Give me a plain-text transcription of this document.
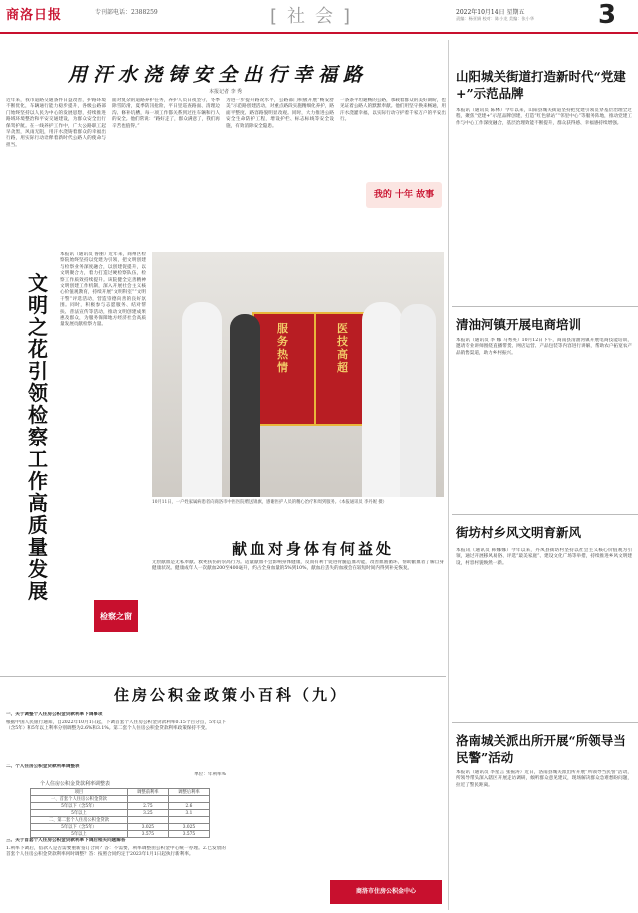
商洛日报	专刊部电话：2388259	[社会]	2022年10月14日 星期五
责编：杨亚娟 校对：陈小龙 美编：张小华 3
用汗水浇铸安全出行幸福路
本报记者 李 秀
近年来，我市道路交通条件日益改善，护路环境不断优化，车辆通行能力稳步提升，各级公路部门始终坚持以人民为中心的发展思想，持续推进路域环境整治和平安交通建设，为群众安全出行保驾护航。在一线养护工作中，广大公路职工起早贪黑，风雨无阻，用汗水浇铸着群众的幸福出行路，用实际行动诠释着新时代公路人的使命与担当。
面对复杂的道路养护任务，养护人员日夜坚守，冬季除雪防滑，夏季防汛抢险，平日里巡查路面、清理边沟、修补坑槽，每一项工作都关系到过往车辆和行人的安全。他们常说：“路好走了，群众满意了，我们再辛苦也值得。”
为进一步提升路况水平，公路部门积极开展“畅安舒美”示范路创建活动，对重点路段实施精细化养护，路面平整度、路容路貌明显改观。同时，大力推进公路安全生命防护工程，增设护栏、标志标线等安全设施，有效消除安全隐患。
一条条平坦通畅的公路，承载着群众的美好期盼，也见证着公路人的默默奉献。他们用坚守换来畅通，用汗水浇灌幸福，以实际行动守护着千家万户的平安出行。
我的 十年 故事
文明之花引领检察工作高质量发展
本报讯（通讯员 鲁丽）近年来，商州区检察院始终坚持以党建为引领，把文明创建与检察业务深度融合，以创建促提升，以文明聚合力，着力打造过硬检察队伍，检察工作质效持续提升。该院健全完善精神文明创建工作机制，深入开展社会主义核心价值观教育，持续开展“文明科室”“文明干警”评选活动，营造崇德向善的良好氛围。同时，积极参与志愿服务、结对帮扶、普法宣传等活动，推动文明创建成果惠及群众，为服务保障地方经济社会高质量发展贡献检察力量。
检察之窗
医技高超
服务热情
10月11日，一户姓家属病患者向商洛市中医医院赠送锦旗，感谢医护人员的精心治疗和周到服务。（本报通讯员 李丹妮 摄）
献血对身体有何益处
无偿献血是无私奉献、救死扶伤的崇高行为。适量献血不会影响身体健康，反而有利于促进骨髓造血功能，改善血液循环，帮助献血者了解自身健康状况。健康成年人一次献血200至400毫升，约占全身血量的5%到10%，献血后丢失的血液会在较短时间内得到补充恢复。
住房公积金政策小百科（九）
一、关于调整个人住房公积金贷款利率下调事项
根据中国人民银行通知，自2022年10月1日起，下调首套个人住房公积金贷款利率0.15个百分点，5年以下（含5年）和5年以上利率分别调整为2.6%和3.1%。第二套个人住房公积金贷款利率政策保持不变。
二、个人住房公积金贷款利率调整表
单位：年利率%
个人住房公积金贷款利率调整表
项目	调整前利率	调整后利率
一、首套个人住房公积金贷款		
5年以下（含5年）	2.75	2.6
5年以上	3.25	3.1
二、第二套个人住房公积金贷款		
5年以下（含5年）	3.025	3.025
5年以上	3.575	3.575
三、关于首套个人住房公积金贷款利率下调后相关问题解答
1.利率下调后，借款人是否需要重新签订合同？答：不需要，利率调整由公积金中心统一办理。2.已发放的首套个人住房公积金贷款利率何时调整？答：按照合同约定于2023年1月1日起执行新利率。
商洛市住房公积金中心
山阳城关街道打造新时代“党建+”示范品牌
本报讯（通讯员 陈林）今年以来，山阳县城关街道坚持把党建引领贯穿基层治理全过程，聚焦“党建+”示范品牌创建，打造“红色驿站”“邻里中心”等服务阵地，推动党建工作与中心工作深度融合，基层治理效能不断提升，群众获得感、幸福感持续增强。
清油河镇开展电商培训
本报讯（通讯员 李 娜 马秀英）10月12日下午，商南县清油河镇开展电商技能培训，邀请专业讲师围绕直播带货、网店运营、产品包装等内容进行讲解，帮助农户拓宽农产品销售渠道，助力乡村振兴。
街坊村乡风文明育新风
本报讯（通讯员 韩娜娜）今年以来，丹凤县街坊村坚持以社会主义核心价值观为引领，通过开展移风易俗、评选“最美家庭”、建设文化广场等举措，持续推进乡风文明建设，村容村貌焕然一新。
洛南城关派出所开展“所领导当民警”活动
本报讯（通讯员 李星言 张振涛）近日，洛南县城关派出所开展“所领导当民警”活动，所领导带头深入辖区开展走访调研，倾听群众意见建议，现场解决群众急难愁盼问题，拉近了警民距离。
